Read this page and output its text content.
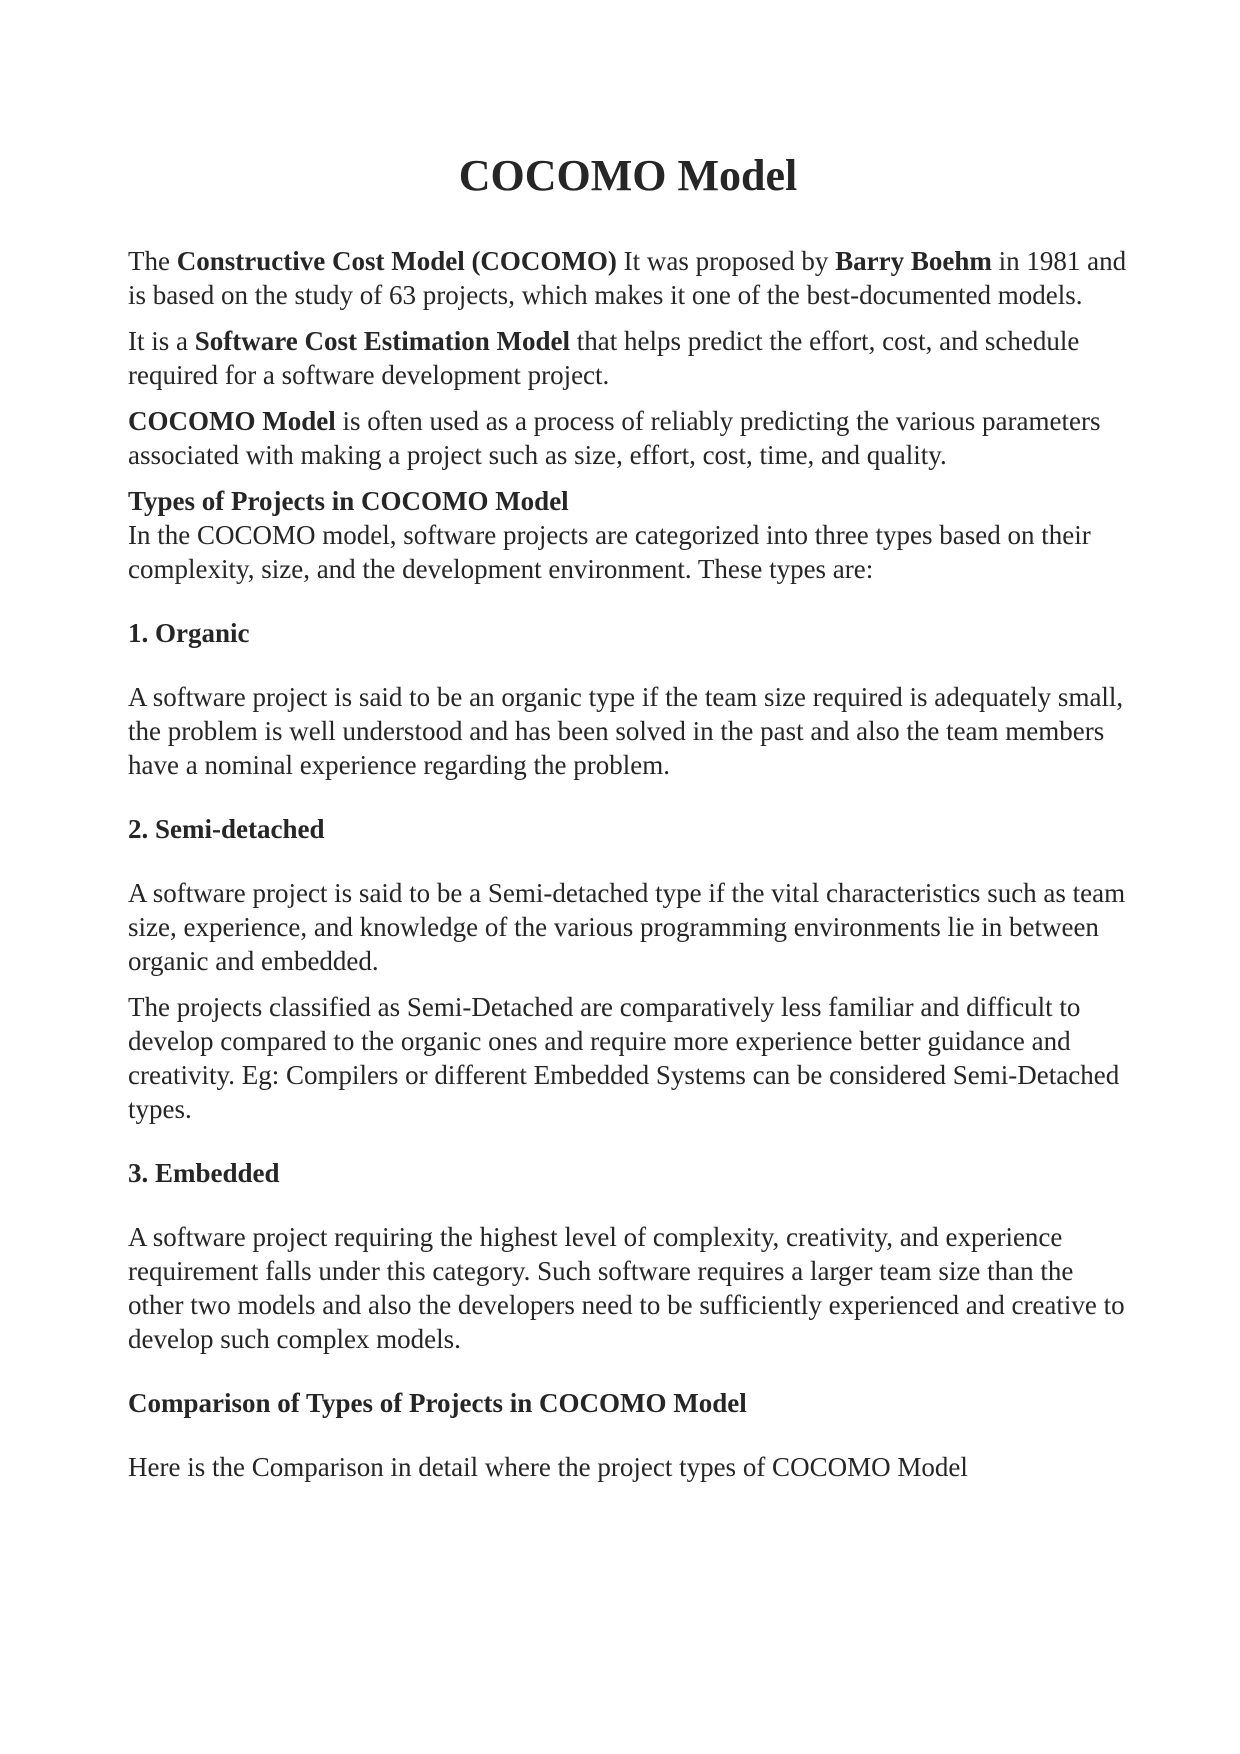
COCOMO Model

The Constructive Cost Model (COCOMO) It was proposed by Barry Boehm in 1981 and is based on the study of 63 projects, which makes it one of the best-documented models.

It is a Software Cost Estimation Model that helps predict the effort, cost, and schedule required for a software development project.

COCOMO Model is often used as a process of reliably predicting the various parameters associated with making a project such as size, effort, cost, time, and quality.

Types of Projects in COCOMO Model

In the COCOMO model, software projects are categorized into three types based on their complexity, size, and the development environment. These types are:

1. Organic

A software project is said to be an organic type if the team size required is adequately small, the problem is well understood and has been solved in the past and also the team members have a nominal experience regarding the problem.

2. Semi-detached

A software project is said to be a Semi-detached type if the vital characteristics such as team size, experience, and knowledge of the various programming environments lie in between organic and embedded.

The projects classified as Semi-Detached are comparatively less familiar and difficult to develop compared to the organic ones and require more experience better guidance and creativity. Eg: Compilers or different Embedded Systems can be considered Semi-Detached types.

3. Embedded

A software project requiring the highest level of complexity, creativity, and experience requirement falls under this category. Such software requires a larger team size than the other two models and also the developers need to be sufficiently experienced and creative to develop such complex models.

Comparison of Types of Projects in COCOMO Model

Here is the Comparison in detail where the project types of COCOMO Model
